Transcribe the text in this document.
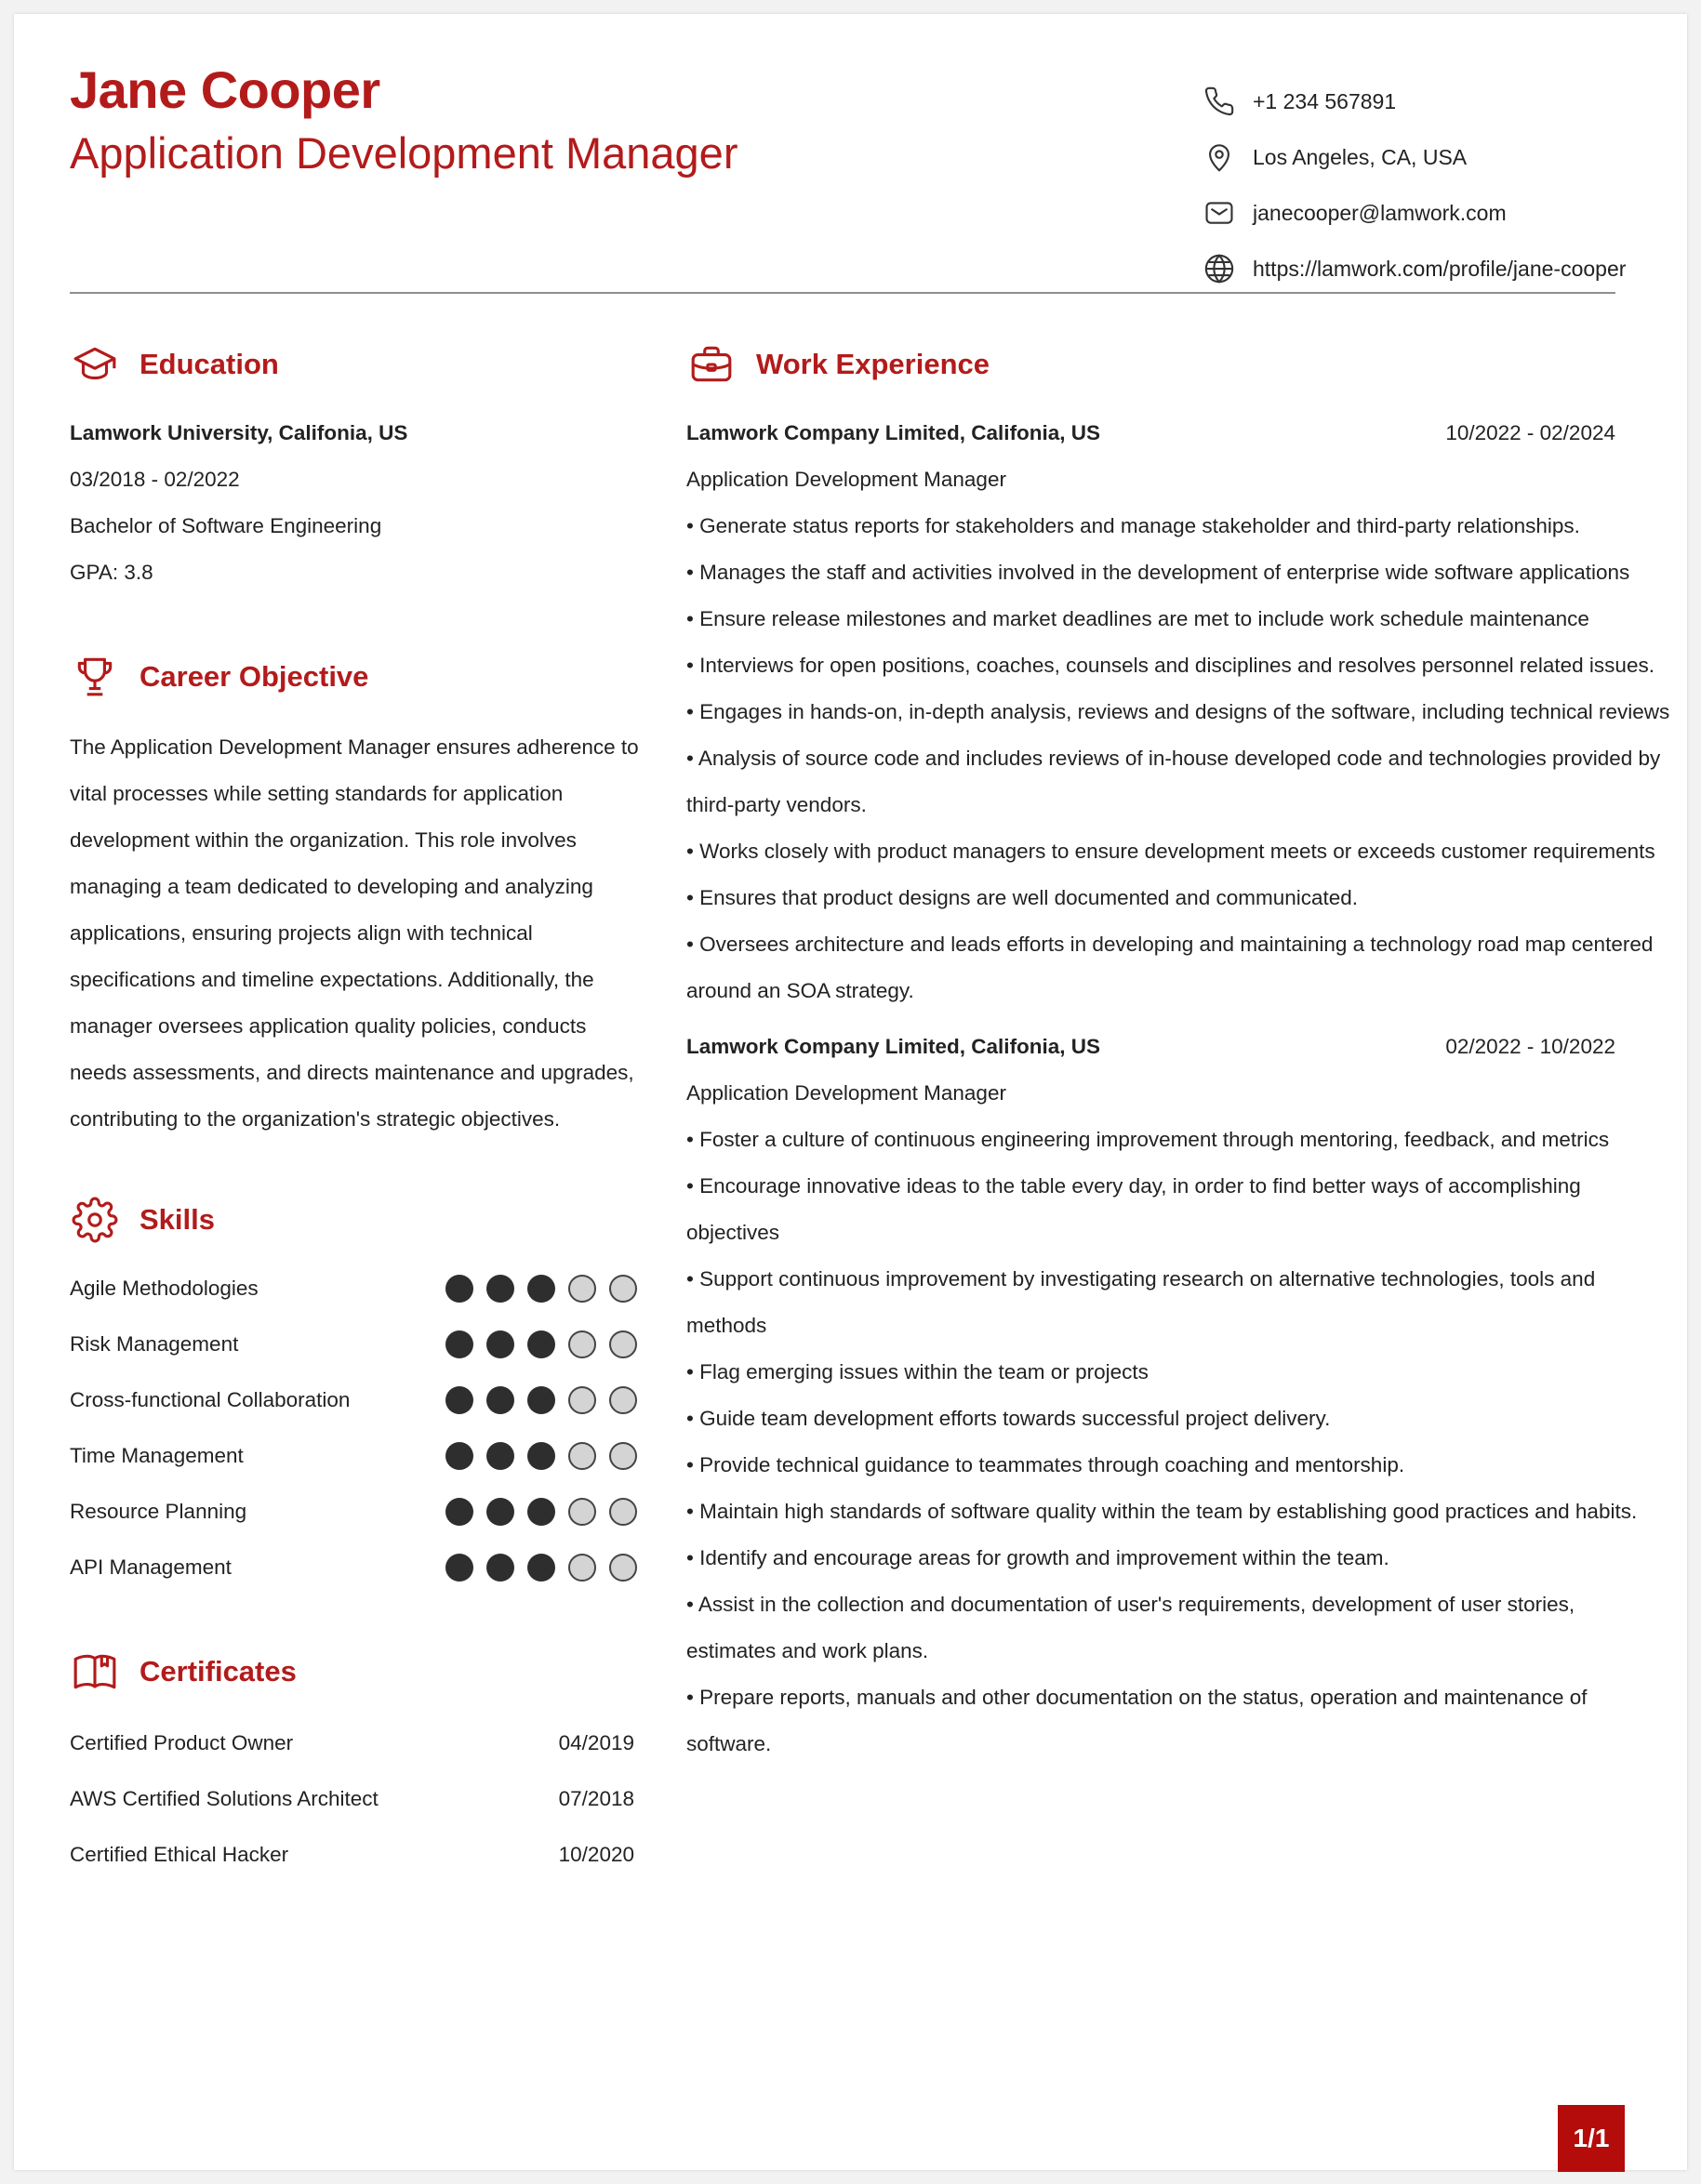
Jane Cooper
Application Development Manager
+1 234 567891
Los Angeles, CA, USA
janecooper@lamwork.com
https://lamwork.com/profile/jane-cooper
Education
Lamwork University, Califonia, US
03/2018 - 02/2022
Bachelor of Software Engineering
GPA: 3.8
Career Objective
The Application Development Manager ensures adherence to
vital processes while setting standards for application
development within the organization. This role involves
managing a team dedicated to developing and analyzing
applications, ensuring projects align with technical
specifications and timeline expectations. Additionally, the
manager oversees application quality policies, conducts
needs assessments, and directs maintenance and upgrades,
contributing to the organization's strategic objectives.
Skills
Agile Methodologies
Risk Management
Cross-functional Collaboration
Time Management
Resource Planning
API Management
Certificates
Certified Product Owner	04/2019
AWS Certified Solutions Architect	07/2018
Certified Ethical Hacker	10/2020
Work Experience
Lamwork Company Limited, Califonia, US	10/2022 - 02/2024
Application Development Manager
• Generate status reports for stakeholders and manage stakeholder and third-party relationships.
• Manages the staff and activities involved in the development of enterprise wide software applications
• Ensure release milestones and market deadlines are met to include work schedule maintenance
• Interviews for open positions, coaches, counsels and disciplines and resolves personnel related issues.
• Engages in hands-on, in-depth analysis, reviews and designs of the software, including technical reviews
• Analysis of source code and includes reviews of in-house developed code and technologies provided by
third-party vendors.
• Works closely with product managers to ensure development meets or exceeds customer requirements
• Ensures that product designs are well documented and communicated.
• Oversees architecture and leads efforts in developing and maintaining a technology road map centered
around an SOA strategy.
Lamwork Company Limited, Califonia, US	02/2022 - 10/2022
Application Development Manager
• Foster a culture of continuous engineering improvement through mentoring, feedback, and metrics
• Encourage innovative ideas to the table every day, in order to find better ways of accomplishing
objectives
• Support continuous improvement by investigating research on alternative technologies, tools and
methods
• Flag emerging issues within the team or projects
• Guide team development efforts towards successful project delivery.
• Provide technical guidance to teammates through coaching and mentorship.
• Maintain high standards of software quality within the team by establishing good practices and habits.
• Identify and encourage areas for growth and improvement within the team.
• Assist in the collection and documentation of user's requirements, development of user stories,
estimates and work plans.
• Prepare reports, manuals and other documentation on the status, operation and maintenance of
software.
1/1
